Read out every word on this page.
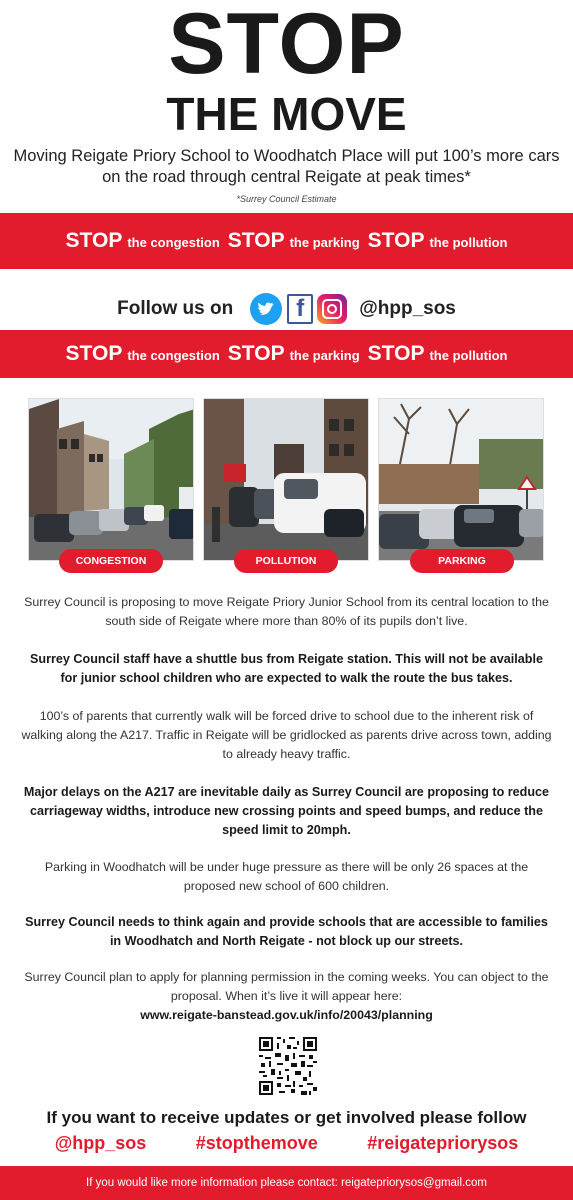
STOP
THE MOVE
Moving Reigate Priory School to Woodhatch Place will put 100’s more cars on the road through central Reigate at peak times*
*Surrey Council Estimate
STOP the congestion STOP the parking STOP the pollution
Follow us on	f	@hpp_sos
STOP the congestion STOP the parking STOP the pollution
CONGESTION	POLLUTION	PARKING
Surrey Council is proposing to move Reigate Priory Junior School from its central location to the south side of Reigate where more than 80% of its pupils don’t live.
Surrey Council staff have a shuttle bus from Reigate station. This will not be available for junior school children who are expected to walk the route the bus takes.
100’s of parents that currently walk will be forced drive to school due to the inherent risk of walking along the A217. Traffic in Reigate will be gridlocked as parents drive across town, adding to already heavy traffic.
Major delays on the A217 are inevitable daily as Surrey Council are proposing to reduce carriageway widths, introduce new crossing points and speed bumps, and reduce the speed limit to 20mph.
Parking in Woodhatch will be under huge pressure as there will be only 26 spaces at the proposed new school of 600 children.
Surrey Council needs to think again and provide schools that are accessible to families in Woodhatch and North Reigate - not block up our streets.
Surrey Council plan to apply for planning permission in the coming weeks. You can object to the proposal. When it’s live it will appear here:
www.reigate-banstead.gov.uk/info/20043/planning
If you want to receive updates or get involved please follow
@hpp_sos	#stopthemove	#reigatepriorysos
If you would like more information please contact: reigatepriorysos@gmail.com
